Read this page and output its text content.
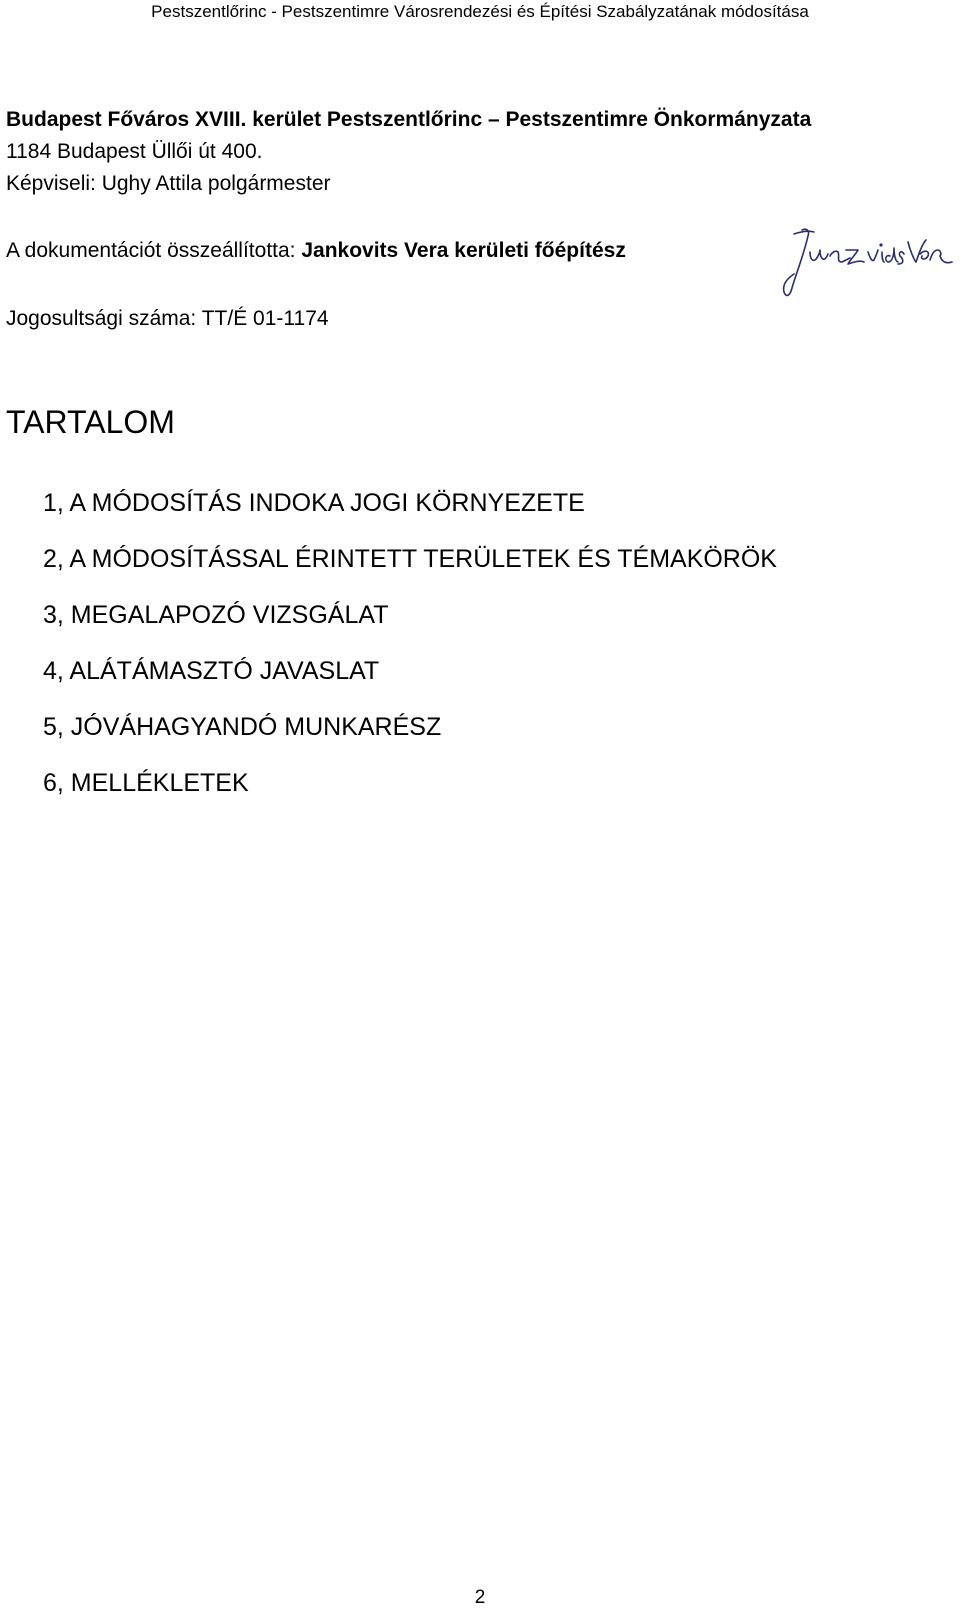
Pestszentlőrinc - Pestszentimre Városrendezési és Építési Szabályzatának módosítása
Budapest Főváros XVIII. kerület Pestszentlőrinc – Pestszentimre Önkormányzata
1184 Budapest Üllői út 400.
Képviseli: Ughy Attila polgármester
A dokumentációt összeállította: Jankovits Vera kerületi főépítész
Jogosultsági száma: TT/É 01-1174
TARTALOM
1, A MÓDOSÍTÁS INDOKA JOGI KÖRNYEZETE
2, A MÓDOSÍTÁSSAL ÉRINTETT TERÜLETEK ÉS TÉMAKÖRÖK
3, MEGALAPOZÓ VIZSGÁLAT
4, ALÁTÁMASZTÓ JAVASLAT
5, JÓVÁHAGYANDÓ MUNKARÉSZ
6, MELLÉKLETEK
2
